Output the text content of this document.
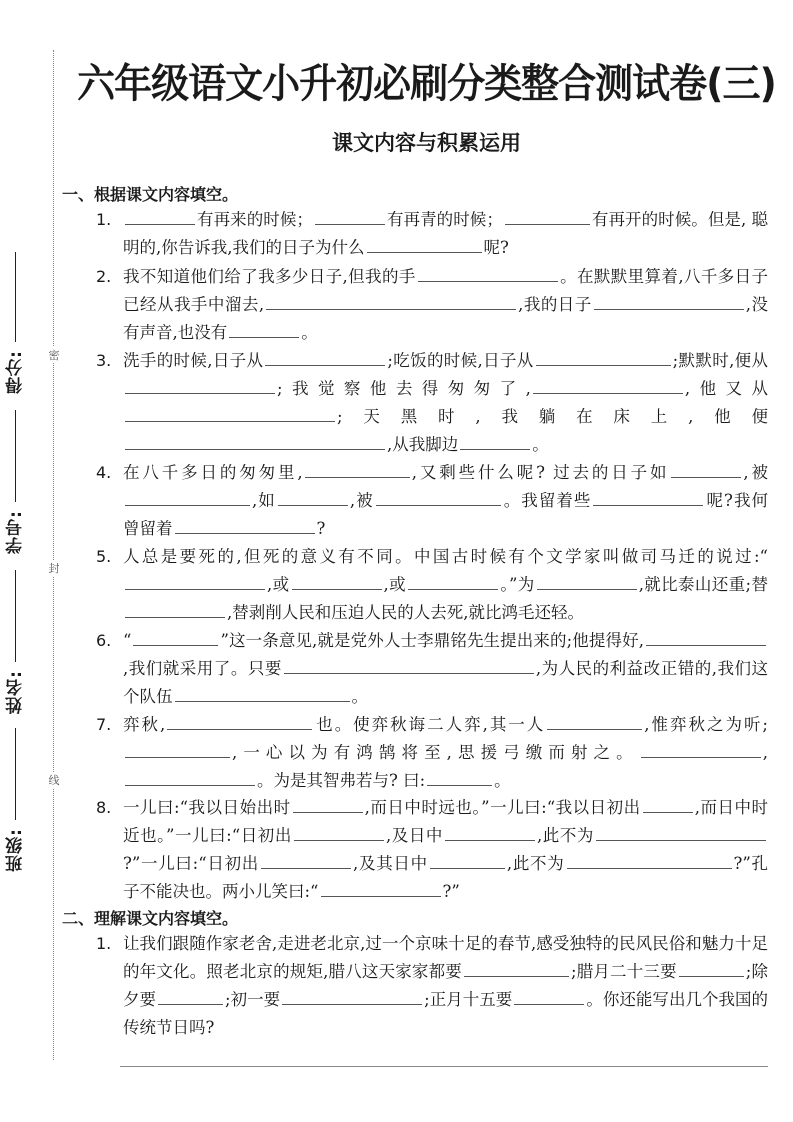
密
封
线
得分:
学号:
姓名:
班级:
六年级语文小升初必刷分类整合测试卷(三)
课文内容与积累运用
一、根据课文内容填空。
1.	有再来的时候；	有再青的时候；	有再开的时候。但是, 聪明的,你告诉我,我们的日子为什么	呢?
2. 我不知道他们给了我多少日子,但我的手	。在默默里算着,八千多日子已经从我手中溜去,	,我的日子	,没有声音,也没有	。
3. 洗手的时候,日子从	;吃饭的时候,日子从	;默默时,便从;我觉察他去得匆匆了,	,他又从;天黑时,我躺在床上,他便,从我脚边	。
4. 在八千多日的匆匆里,	,又剩些什么呢? 过去的日子如	,被,如	,被	。我留着些	呢?我何曾留着	?
5. 人总是要死的,但死的意义有不同。中国古时候有个文学家叫做司马迁的说过:“,或	,或	。”为	,就比泰山还重;替,替剥削人民和压迫人民的人去死,就比鸿毛还轻。
6. “	”这一条意见,就是党外人士李鼎铭先生提出来的;他提得好,,我们就采用了。只要	,为人民的利益改正错的,我们这个队伍	。
7. 弈秋,	也。使弈秋诲二人弈,其一人	,惟弈秋之为听;,一心以为有鸿鹄将至,思援弓缴而射之。	,。为是其智弗若与? 曰:	。
8. 一儿曰:“我以日始出时	,而日中时远也。”一儿曰:“我以日初出	,而日中时近也。”一儿曰:“日初出	,及日中	,此不为?”一儿曰:“日初出	,及其日中	,此不为	?”孔子不能决也。两小儿笑曰:“	?”
二、理解课文内容填空。
1. 让我们跟随作家老舍,走进老北京,过一个京味十足的春节,感受独特的民风民俗和魅力十足的年文化。照老北京的规矩,腊八这天家家都要	;腊月二十三要	;除夕要	;初一要	;正月十五要	。你还能写出几个我国的传统节日吗?
